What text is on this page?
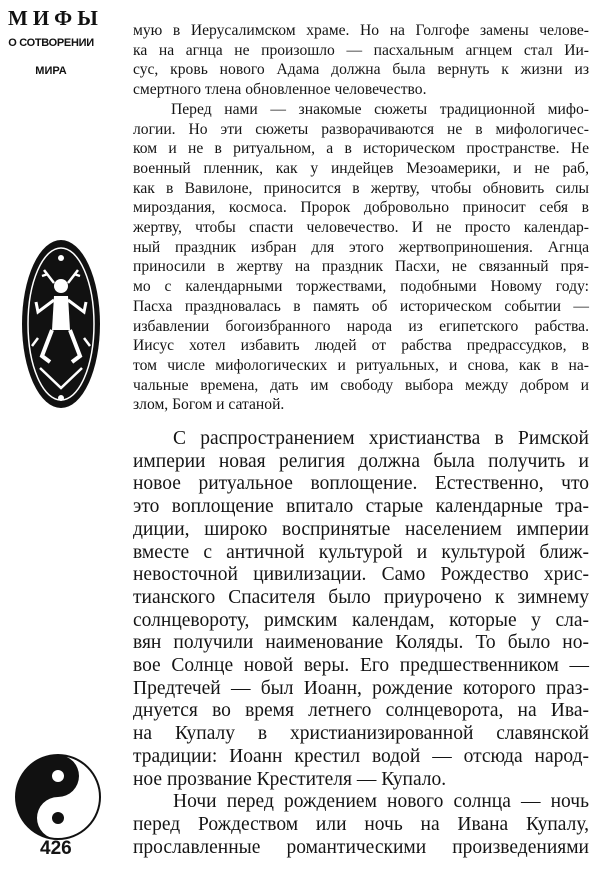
МИФЫ
О СОТВОРЕНИИ
МИРА
мую в Иерусалимском храме. Но на Голгофе замены челове-
ка на агнца не произошло — пасхальным агнцем стал Ии-
сус, кровь нового Адама должна была вернуть к жизни из
смертного тлена обновленное человечество.
Перед нами — знакомые сюжеты традиционной мифо-
логии. Но эти сюжеты разворачиваются не в мифологичес-
ком и не в ритуальном, а в историческом пространстве. Не
военный пленник, как у индейцев Мезоамерики, и не раб,
как в Вавилоне, приносится в жертву, чтобы обновить силы
мироздания, космоса. Пророк добровольно приносит себя в
жертву, чтобы спасти человечество. И не просто календар-
ный праздник избран для этого жертвоприношения. Агнца
приносили в жертву на праздник Пасхи, не связанный пря-
мо с календарными торжествами, подобными Новому году:
Пасха праздновалась в память об историческом событии —
избавлении богоизбранного народа из египетского рабства.
Иисус хотел избавить людей от рабства предрассудков, в
том числе мифологических и ритуальных, и снова, как в на-
чальные времена, дать им свободу выбора между добром и
злом, Богом и сатаной.
С распространением христианства в Римской
империи новая религия должна была получить и
новое ритуальное воплощение. Естественно, что
это воплощение впитало старые календарные тра-
диции, широко воспринятые населением империи
вместе с античной культурой и культурой ближ-
невосточной цивилизации. Само Рождество хрис-
тианского Спасителя было приурочено к зимнему
солнцевороту, римским календам, которые у сла-
вян получили наименование Коляды. То было но-
вое Солнце новой веры. Его предшественником —
Предтечей — был Иоанн, рождение которого праз-
днуется во время летнего солнцеворота, на Ива-
на Купалу в христианизированной славянской
традиции: Иоанн крестил водой — отсюда народ-
ное прозвание Крестителя — Купало.
Ночи перед рождением нового солнца — ночь
перед Рождеством или ночь на Ивана Купалу,
прославленные романтическими произведениями
426
